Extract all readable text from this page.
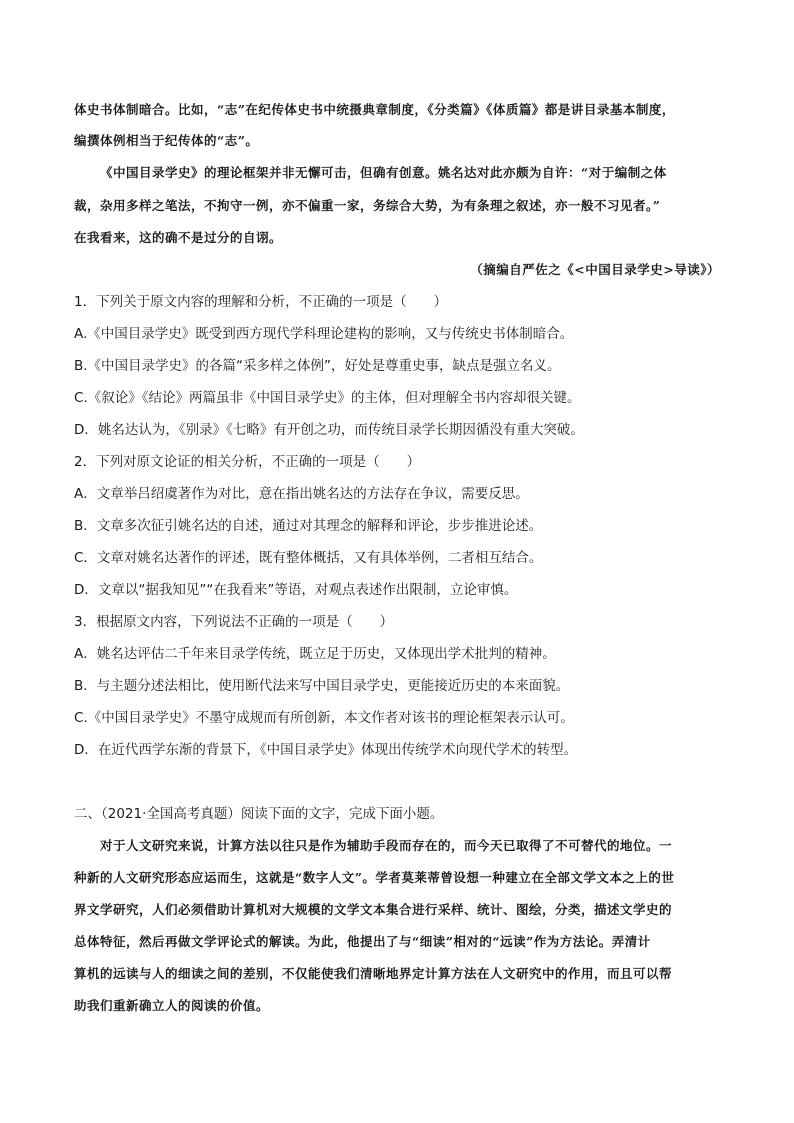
体史书体制暗合。比如，“志”在纪传体史书中统摄典章制度，《分类篇》《体质篇》都是讲目录基本制度，
编撰体例相当于纪传体的“志”。
《中国目录学史》的理论框架并非无懈可击，但确有创意。姚名达对此亦颇为自许：“对于编制之体
裁，杂用多样之笔法，不拘守一例，亦不偏重一家，务综合大势，为有条理之叙述，亦一般不习见者。”
在我看来，这的确不是过分的自诩。
（摘编自严佐之《<中国目录学史>导读》）
1．下列关于原文内容的理解和分析，不正确的一项是（　　）
A.《中国目录学史》既受到西方现代学科理论建构的影响，又与传统史书体制暗合。
B.《中国目录学史》的各篇“采多样之体例”，好处是尊重史事，缺点是强立名义。
C.《叙论》《结论》两篇虽非《中国目录学史》的主体，但对理解全书内容却很关键。
D．姚名达认为，《别录》《七略》有开创之功，而传统目录学长期因循没有重大突破。
2．下列对原文论证的相关分析，不正确的一项是（　　）
A．文章举吕绍虞著作为对比，意在指出姚名达的方法存在争议，需要反思。
B．文章多次征引姚名达的自述，通过对其理念的解释和评论，步步推进论述。
C．文章对姚名达著作的评述，既有整体概括，又有具体举例，二者相互结合。
D．文章以“据我知见”“在我看来”等语，对观点表述作出限制，立论审慎。
3．根据原文内容，下列说法不正确的一项是（　　）
A．姚名达评估二千年来目录学传统，既立足于历史，又体现出学术批判的精神。
B．与主题分述法相比，使用断代法来写中国目录学史，更能接近历史的本来面貌。
C.《中国目录学史》不墨守成规而有所创新，本文作者对该书的理论框架表示认可。
D．在近代西学东渐的背景下，《中国目录学史》体现出传统学术向现代学术的转型。
二、（2021·全国高考真题）阅读下面的文字，完成下面小题。
对于人文研究来说，计算方法以往只是作为辅助手段而存在的，而今天已取得了不可替代的地位。一
种新的人文研究形态应运而生，这就是“数字人文”。学者莫莱蒂曾设想一种建立在全部文学文本之上的世
界文学研究，人们必须借助计算机对大规模的文学文本集合进行采样、统计、图绘，分类，描述文学史的
总体特征，然后再做文学评论式的解读。为此，他提出了与“细读”相对的“远读”作为方法论。弄清计
算机的远读与人的细读之间的差别，不仅能使我们清晰地界定计算方法在人文研究中的作用，而且可以帮
助我们重新确立人的阅读的价值。
